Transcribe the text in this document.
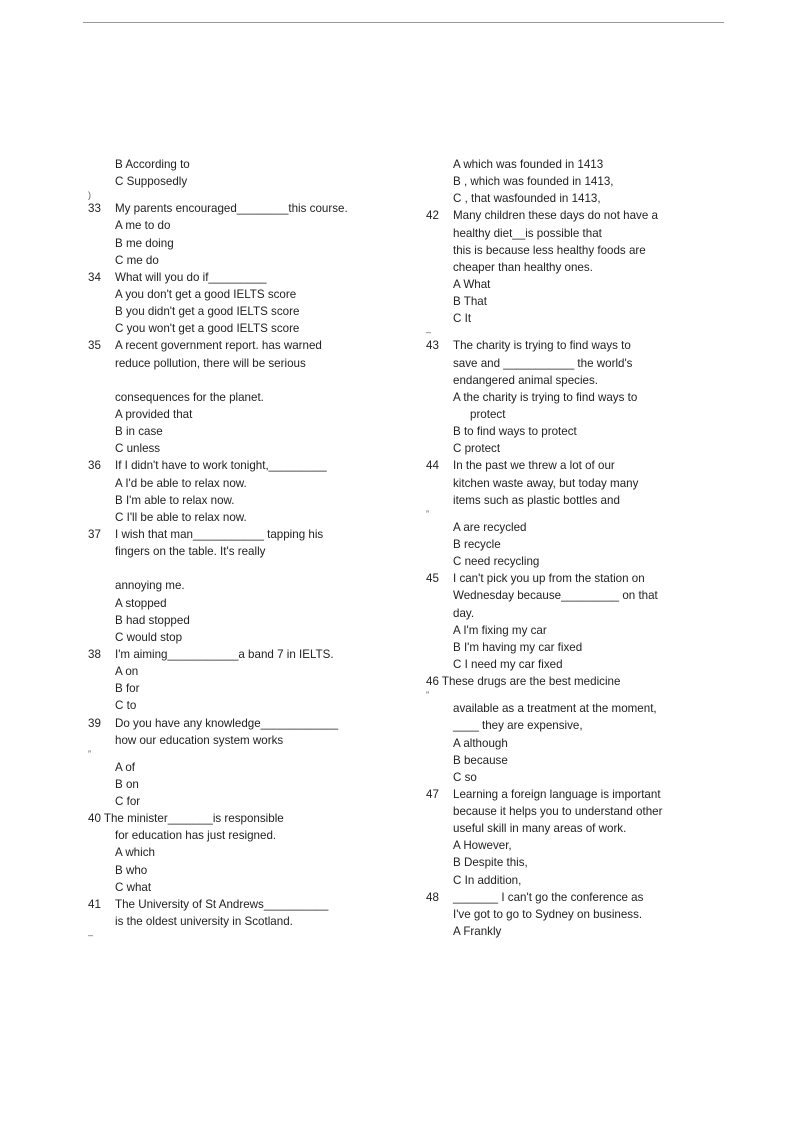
B According to
C Supposedly
)
33 My parents encouraged________this course.
A me to do
B me doing
C me do
34 What will you do if_________
A you don't get a good IELTS score
B you didn't get a good IELTS score
C you won't get a good IELTS score
35 A recent government report. has warned
reduce pollution, there will be serious
consequences for the planet.
A provided that
B in case
C unless
36 If I didn't have to work tonight,_________
A I'd be able to relax now.
B I'm able to relax now.
C I'll be able to relax now.
37 I wish that man___________ tapping his
fingers on the table. It's really
annoying me.
A stopped
B had stopped
C would stop
38 I'm aiming___________a band 7 in IELTS.
A on
B for
C to
39 Do you have any knowledge____________
how our education system works
”
A of
B on
C for
40 The minister_______is responsible
for education has just resigned.
A which
B who
C what
41 The University of St Andrews__________
is the oldest university in Scotland.
–
A which was founded in 1413
B , which was founded in 1413,
C , that wasfounded in 1413,
42 Many children these days do not have a
healthy diet__is possible that
this is because less healthy foods are
cheaper than healthy ones.
A What
B That
C It
–
43 The charity is trying to find ways to
save and ___________ the world's
endangered animal species.
A the charity is trying to find ways to
protect
B to find ways to protect
C protect
44 In the past we threw a lot of our
kitchen waste away, but today many
items such as plastic bottles and
”
A are recycled
B recycle
C need recycling
45 I can't pick you up from the station on
Wednesday because_________ on that
day.
A I'm fixing my car
B I'm having my car fixed
C I need my car fixed
46 These drugs are the best medicine
”
available as a treatment at the moment,
____ they are expensive,
A although
B because
C so
47 Learning a foreign language is important
because it helps you to understand other
useful skill in many areas of work.
A However,
B Despite this,
C In addition,
48 _______ I can't go the conference as
I've got to go to Sydney on business.
A Frankly
